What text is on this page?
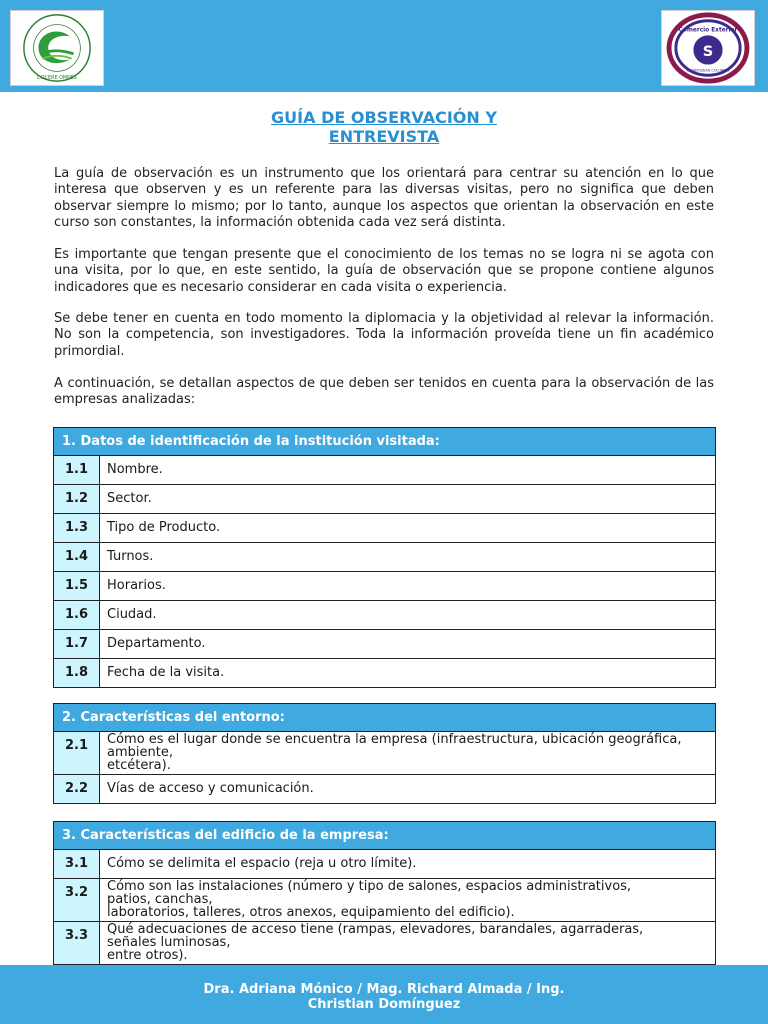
DOCERE OMNES
S
Comercio Exterior
UNIVERSIDAD COLUMBIA
GUÍA DE OBSERVACIÓN Y
ENTREVISTA

La guía de observación es un instrumento que los orientará para centrar su atención en lo que interesa que observen y es un referente para las diversas visitas, pero no significa que deben observar siempre lo mismo; por lo tanto, aunque los aspectos que orientan la observación en este curso son constantes, la información obtenida cada vez será distinta.

Es importante que tengan presente que el conocimiento de los temas no se logra ni se agota con una visita, por lo que, en este sentido, la guía de observación que se propone contiene algunos indicadores que es necesario considerar en cada visita o experiencia.

Se debe tener en cuenta en todo momento la diplomacia y la objetividad al relevar la información. No son la competencia, son investigadores. Toda la información proveída tiene un fin académico primordial.

A continuación, se detallan aspectos de que deben ser tenidos en cuenta para la observación de las empresas analizadas:

1. Datos de identificación de la institución visitada:
1.1	Nombre.
1.2	Sector.
1.3	Tipo de Producto.
1.4	Turnos.
1.5	Horarios.
1.6	Ciudad.
1.7	Departamento.
1.8	Fecha de la visita.
2. Características del entorno:
2.1	Cómo es el lugar donde se encuentra la empresa (infraestructura, ubicación geográfica,
ambiente,
etcétera).
2.2	Vías de acceso y comunicación.
3. Características del edificio de la empresa:
3.1	Cómo se delimita el espacio (reja u otro límite).
3.2	Cómo son las instalaciones (número y tipo de salones, espacios administrativos,
patios, canchas,
laboratorios, talleres, otros anexos, equipamiento del edificio).
3.3	Qué adecuaciones de acceso tiene (rampas, elevadores, barandales, agarraderas,
señales luminosas,
entre otros).
Dra. Adriana Mónico / Mag. Richard Almada / Ing.
Christian Domínguez
